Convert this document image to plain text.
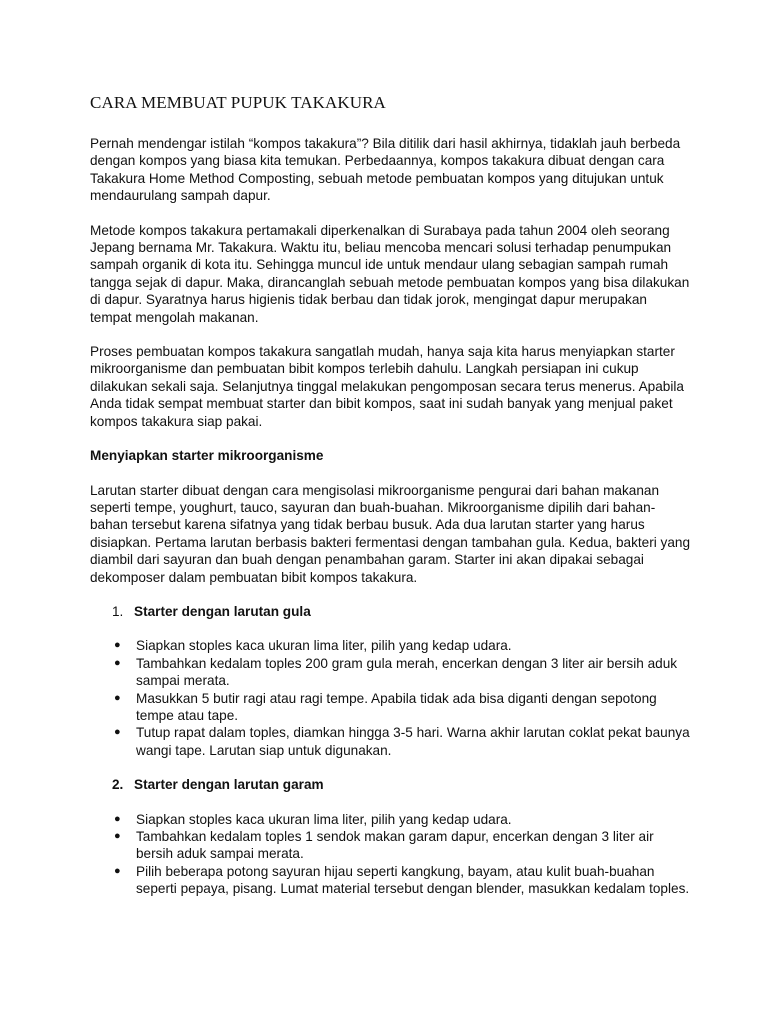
CARA MEMBUAT PUPUK TAKAKURA

Pernah mendengar istilah “kompos takakura”? Bila ditilik dari hasil akhirnya, tidaklah jauh berbeda dengan kompos yang biasa kita temukan. Perbedaannya, kompos takakura dibuat dengan cara Takakura Home Method Composting, sebuah metode pembuatan kompos yang ditujukan untuk mendaurulang sampah dapur.

Metode kompos takakura pertamakali diperkenalkan di Surabaya pada tahun 2004 oleh seorang Jepang bernama Mr. Takakura. Waktu itu, beliau mencoba mencari solusi terhadap penumpukan sampah organik di kota itu. Sehingga muncul ide untuk mendaur ulang sebagian sampah rumah tangga sejak di dapur. Maka, dirancanglah sebuah metode pembuatan kompos yang bisa dilakukan di dapur. Syaratnya harus higienis tidak berbau dan tidak jorok, mengingat dapur merupakan tempat mengolah makanan.

Proses pembuatan kompos takakura sangatlah mudah, hanya saja kita harus menyiapkan starter mikroorganisme dan pembuatan bibit kompos terlebih dahulu. Langkah persiapan ini cukup dilakukan sekali saja. Selanjutnya tinggal melakukan pengomposan secara terus menerus. Apabila Anda tidak sempat membuat starter dan bibit kompos, saat ini sudah banyak yang menjual paket kompos takakura siap pakai.

Menyiapkan starter mikroorganisme

Larutan starter dibuat dengan cara mengisolasi mikroorganisme pengurai dari bahan makanan seperti tempe, youghurt, tauco, sayuran dan buah-buahan. Mikroorganisme dipilih dari bahan-bahan tersebut karena sifatnya yang tidak berbau busuk. Ada dua larutan starter yang harus disiapkan. Pertama larutan berbasis bakteri fermentasi dengan tambahan gula. Kedua, bakteri yang diambil dari sayuran dan buah dengan penambahan garam. Starter ini akan dipakai sebagai dekomposer dalam pembuatan bibit kompos takakura.

1. Starter dengan larutan gula
● Siapkan stoples kaca ukuran lima liter, pilih yang kedap udara.
● Tambahkan kedalam toples 200 gram gula merah, encerkan dengan 3 liter air bersih aduk sampai merata.
● Masukkan 5 butir ragi atau ragi tempe. Apabila tidak ada bisa diganti dengan sepotong tempe atau tape.
● Tutup rapat dalam toples, diamkan hingga 3-5 hari. Warna akhir larutan coklat pekat baunya wangi tape. Larutan siap untuk digunakan.
2. Starter dengan larutan garam
● Siapkan stoples kaca ukuran lima liter, pilih yang kedap udara.
● Tambahkan kedalam toples 1 sendok makan garam dapur, encerkan dengan 3 liter air bersih aduk sampai merata.
● Pilih beberapa potong sayuran hijau seperti kangkung, bayam, atau kulit buah-buahan seperti pepaya, pisang. Lumat material tersebut dengan blender, masukkan kedalam toples.
